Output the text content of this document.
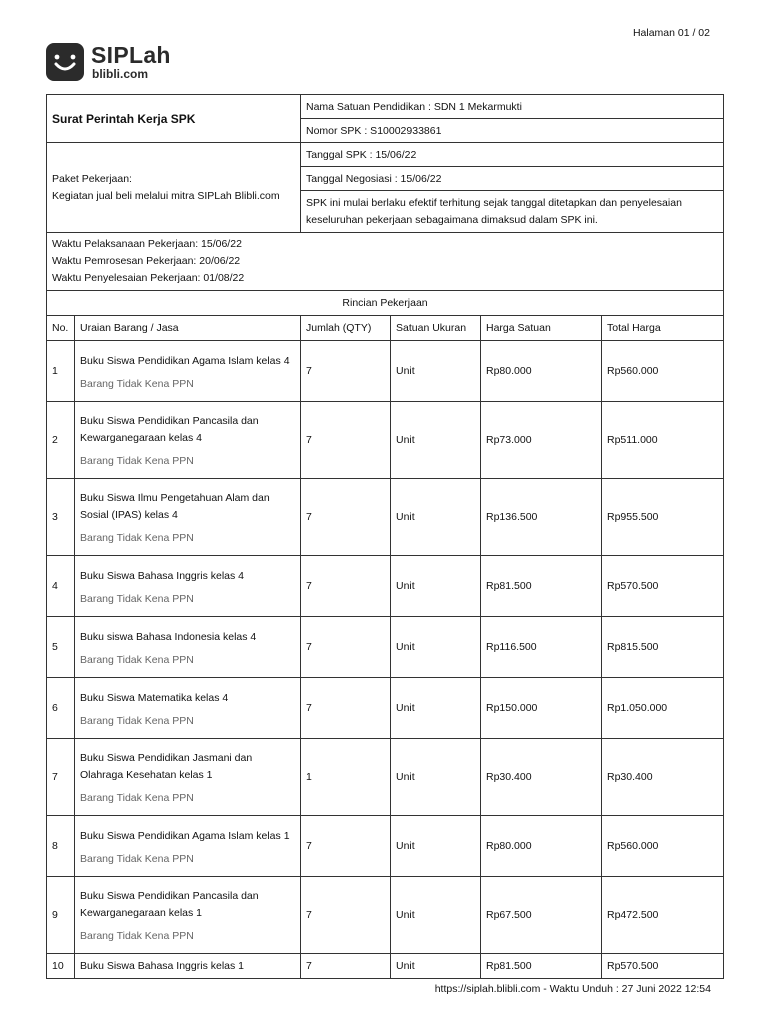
Halaman 01 / 02
SIPLah
blibli.com
Surat Perintah Kerja SPK	Nama Satuan Pendidikan : SDN 1 Mekarmukti
	Nomor SPK : S10002933861

Paket Pekerjaan:
Kegiatan jual beli melalui mitra SIPLah Blibli.com	Tanggal SPK : 15/06/22
	Tanggal Negosiasi : 15/06/22
	SPK ini mulai berlaku efektif terhitung sejak tanggal ditetapkan dan penyelesaian keseluruhan pekerjaan sebagaimana dimaksud dalam SPK ini.

Waktu Pelaksanaan Pekerjaan: 15/06/22
Waktu Pemrosesan Pekerjaan: 20/06/22
Waktu Penyelesaian Pekerjaan: 01/08/22	
Rincian Pekerjaan					
No.	Uraian Barang / Jasa	Jumlah (QTY)	Satuan Ukuran	Harga Satuan	Total Harga
1	Buku Siswa Pendidikan Agama Islam kelas 4
Barang Tidak Kena PPN	7	Unit	Rp80.000	Rp560.000
2	Buku Siswa Pendidikan Pancasila dan
Kewarganegaraan kelas 4
Barang Tidak Kena PPN	7	Unit	Rp73.000	Rp511.000
3	Buku Siswa Ilmu Pengetahuan Alam dan
Sosial (IPAS) kelas 4
Barang Tidak Kena PPN	7	Unit	Rp136.500	Rp955.500
4	Buku Siswa Bahasa Inggris kelas 4
Barang Tidak Kena PPN	7	Unit	Rp81.500	Rp570.500
5	Buku siswa Bahasa Indonesia kelas 4
Barang Tidak Kena PPN	7	Unit	Rp116.500	Rp815.500
6	Buku Siswa Matematika kelas 4
Barang Tidak Kena PPN	7	Unit	Rp150.000	Rp1.050.000
7	Buku Siswa Pendidikan Jasmani dan
Olahraga Kesehatan kelas 1
Barang Tidak Kena PPN	1	Unit	Rp30.400	Rp30.400
8	Buku Siswa Pendidikan Agama Islam kelas 1
Barang Tidak Kena PPN	7	Unit	Rp80.000	Rp560.000
9	Buku Siswa Pendidikan Pancasila dan
Kewarganegaraan kelas 1
Barang Tidak Kena PPN	7	Unit	Rp67.500	Rp472.500
10	Buku Siswa Bahasa Inggris kelas 1	7	Unit	Rp81.500	Rp570.500
https://siplah.blibli.com - Waktu Unduh : 27 Juni 2022 12:54
